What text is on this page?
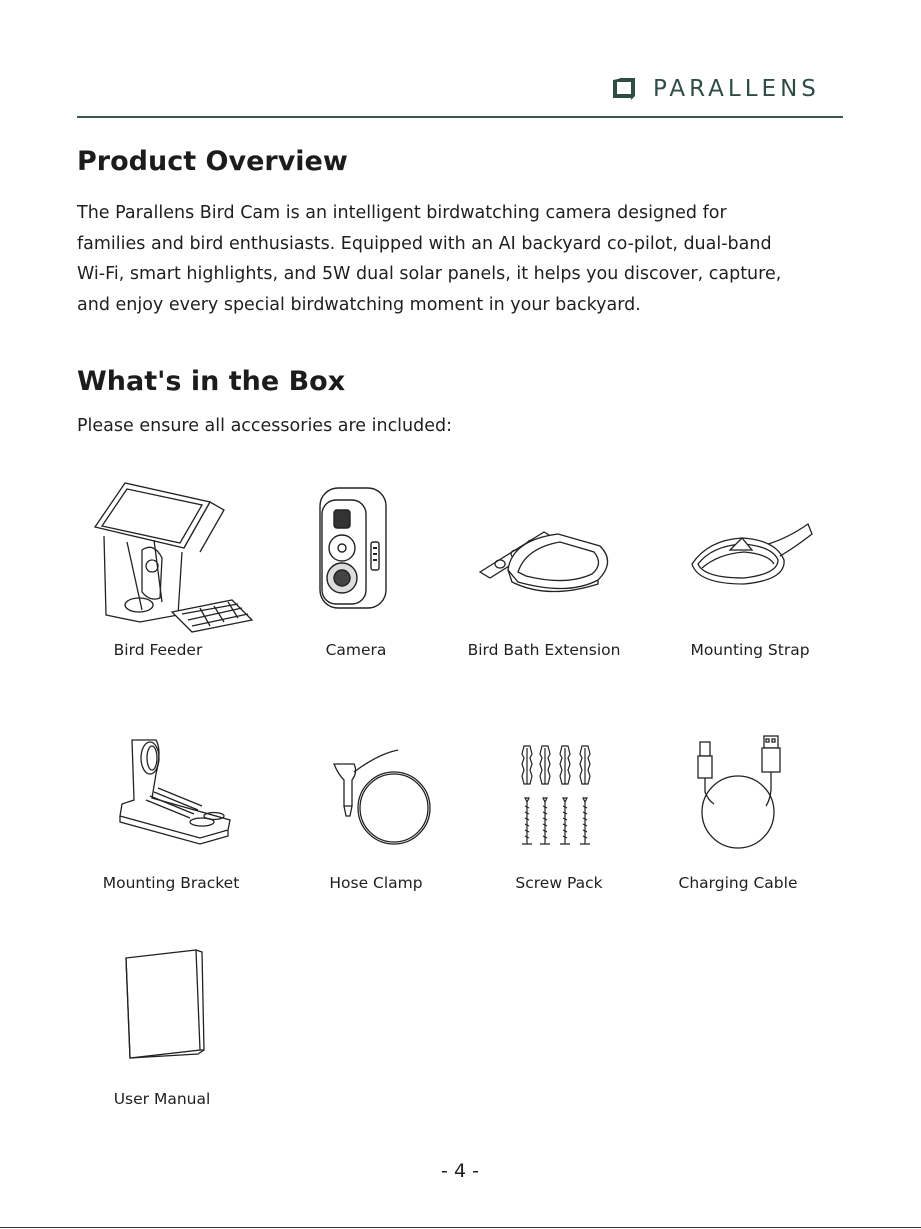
PARALLENS
Product Overview
The Parallens Bird Cam is an intelligent birdwatching camera designed for
families and bird enthusiasts. Equipped with an AI backyard co-pilot, dual-band
Wi-Fi, smart highlights, and 5W dual solar panels, it helps you discover, capture,
and enjoy every special birdwatching moment in your backyard.
What's in the Box
Please ensure all accessories are included:
Bird Feeder	Camera	Bird Bath Extension	Mounting Strap
Mounting Bracket	Hose Clamp	Screw Pack	Charging Cable
User Manual
- 4 -
